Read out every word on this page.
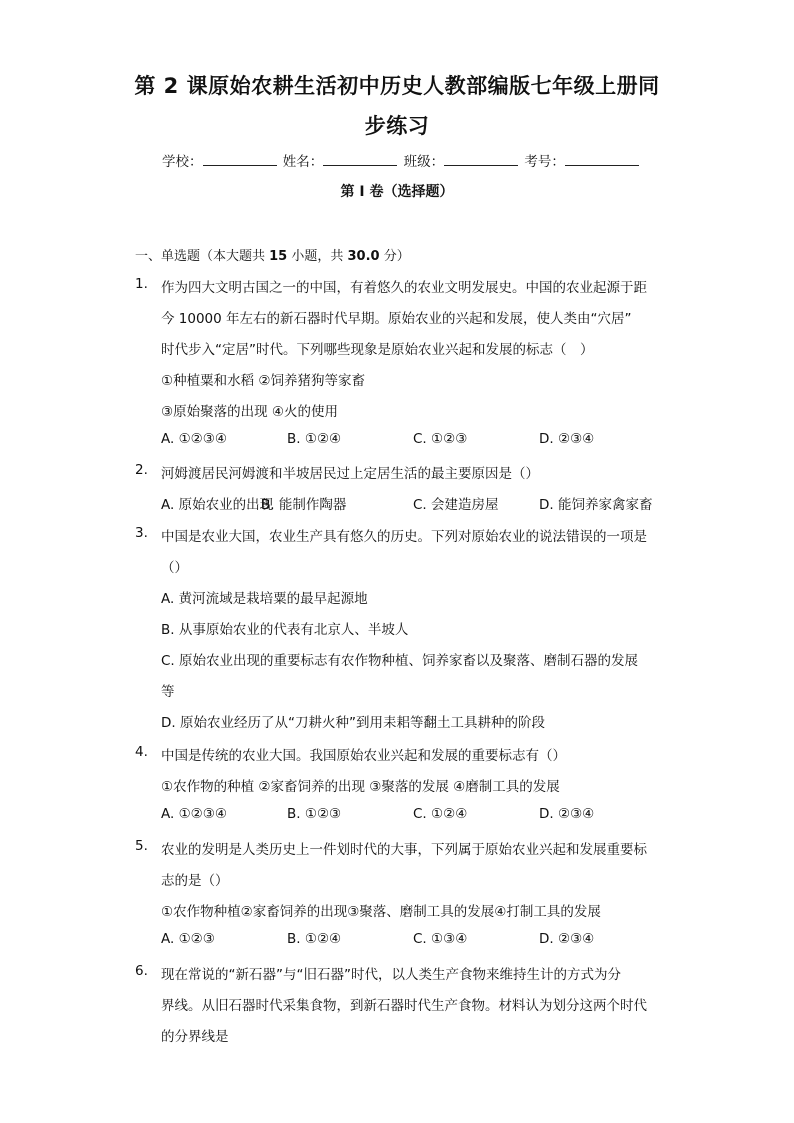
第 2 课原始农耕生活初中历史人教部编版七年级上册同
步练习
学校：	姓名：	班级：	考号：
第 I 卷（选择题）
一、单选题（本大题共 15 小题，共 30.0 分）
1. 作为四大文明古国之一的中国，有着悠久的农业文明发展史。中国的农业起源于距
今 10000 年左右的新石器时代早期。原始农业的兴起和发展，使人类由“穴居”
时代步入“定居”时代。下列哪些现象是原始农业兴起和发展的标志（　）
①种植粟和水稻 ②饲养猪狗等家畜
③原始聚落的出现 ④火的使用
A. ①②③④	B. ①②④	C. ①②③	D. ②③④
2. 河姆渡居民河姆渡和半坡居民过上定居生活的最主要原因是（）
A. 原始农业的出现B. 能制作陶器	C. 会建造房屋	D. 能饲养家禽家畜
3. 中国是农业大国，农业生产具有悠久的历史。下列对原始农业的说法错误的一项是
（）
A. 黄河流域是栽培粟的最早起源地
B. 从事原始农业的代表有北京人、半坡人
C. 原始农业出现的重要标志有农作物种植、饲养家畜以及聚落、磨制石器的发展
等
D. 原始农业经历了从“刀耕火种”到用耒耜等翻土工具耕种的阶段
4. 中国是传统的农业大国。我国原始农业兴起和发展的重要标志有（）
①农作物的种植 ②家畜饲养的出现 ③聚落的发展 ④磨制工具的发展
A. ①②③④	B. ①②③	C. ①②④	D. ②③④
5. 农业的发明是人类历史上一件划时代的大事，下列属于原始农业兴起和发展重要标
志的是（）
①农作物种植②家畜饲养的出现③聚落、磨制工具的发展④打制工具的发展
A. ①②③	B. ①②④	C. ①③④	D. ②③④
6. 现在常说的“新石器”与“旧石器”时代，以人类生产食物来维持生计的方式为分
界线。从旧石器时代采集食物，到新石器时代生产食物。材料认为划分这两个时代
的分界线是
